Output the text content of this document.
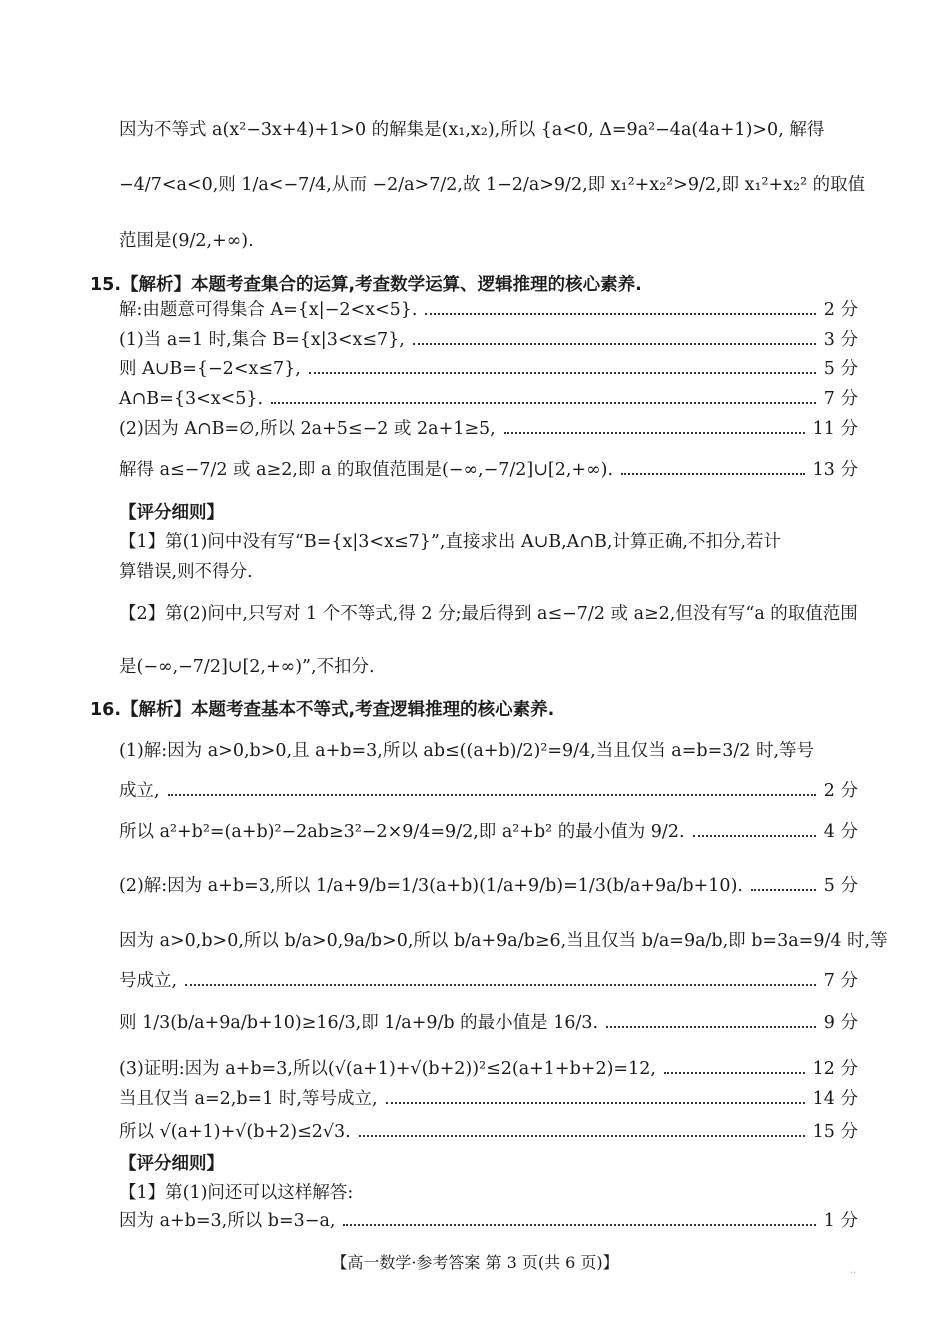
因为不等式 a(x²−3x+4)+1>0 的解集是(x₁,x₂),所以 {a<0, Δ=9a²−4a(4a+1)>0, 解得
−4/7<a<0,则 1/a<−7/4,从而 −2/a>7/2,故 1−2/a>9/2,即 x₁²+x₂²>9/2,即 x₁²+x₂² 的取值
范围是(9/2,+∞).
15.【解析】本题考查集合的运算,考查数学运算、逻辑推理的核心素养.
解:由题意可得集合 A={x|−2<x<5}.	2 分
(1)当 a=1 时,集合 B={x|3<x≤7},	3 分
则 A∪B={−2<x≤7},	5 分
A∩B={3<x<5}.	7 分
(2)因为 A∩B=∅,所以 2a+5≤−2 或 2a+1≥5,	11 分
解得 a≤−7/2 或 a≥2,即 a 的取值范围是(−∞,−7/2]∪[2,+∞).	13 分
【评分细则】
【1】第(1)问中没有写“B={x|3<x≤7}”,直接求出 A∪B,A∩B,计算正确,不扣分,若计
算错误,则不得分.
【2】第(2)问中,只写对 1 个不等式,得 2 分;最后得到 a≤−7/2 或 a≥2,但没有写“a 的取值范围
是(−∞,−7/2]∪[2,+∞)”,不扣分.
16.【解析】本题考查基本不等式,考查逻辑推理的核心素养.
(1)解:因为 a>0,b>0,且 a+b=3,所以 ab≤((a+b)/2)²=9/4,当且仅当 a=b=3/2 时,等号
成立,	2 分
所以 a²+b²=(a+b)²−2ab≥3²−2×9/4=9/2,即 a²+b² 的最小值为 9/2.	4 分
(2)解:因为 a+b=3,所以 1/a+9/b=1/3(a+b)(1/a+9/b)=1/3(b/a+9a/b+10).	5 分
因为 a>0,b>0,所以 b/a>0,9a/b>0,所以 b/a+9a/b≥6,当且仅当 b/a=9a/b,即 b=3a=9/4 时,等
号成立,	7 分
则 1/3(b/a+9a/b+10)≥16/3,即 1/a+9/b 的最小值是 16/3.	9 分
(3)证明:因为 a+b=3,所以(√(a+1)+√(b+2))²≤2(a+1+b+2)=12,	12 分
当且仅当 a=2,b=1 时,等号成立,	14 分
所以 √(a+1)+√(b+2)≤2√3.	15 分
【评分细则】
【1】第(1)问还可以这样解答:
因为 a+b=3,所以 b=3−a,	1 分
【高一数学·参考答案 第 3 页(共 6 页)】	..
